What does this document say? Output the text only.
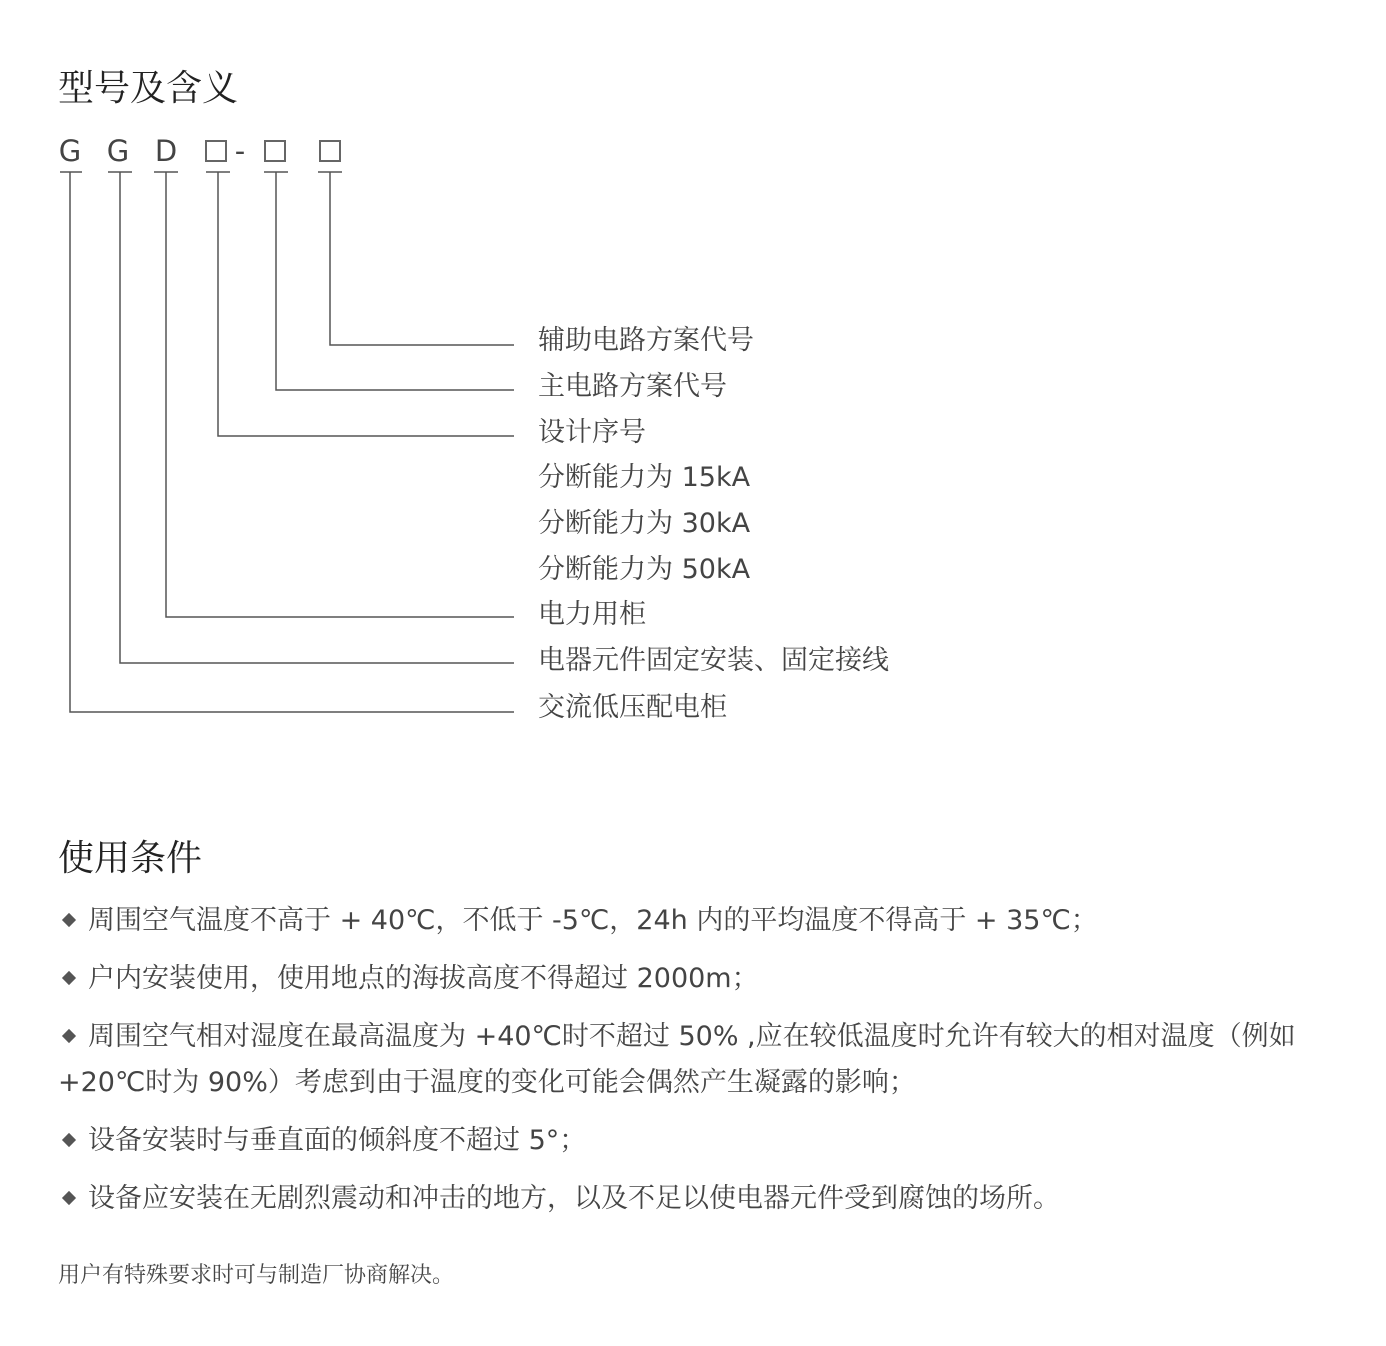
型号及含义
G G D -
辅助电路方案代号
主电路方案代号
设计序号
分断能力为 15kA
分断能力为 30kA
分断能力为 50kA
电力用柜
电器元件固定安装、固定接线
交流低压配电柜
使用条件
周围空气温度不高于 + 40℃，不低于 -5℃，24h 内的平均温度不得高于 + 35℃；
户内安装使用，使用地点的海拔高度不得超过 2000m；
周围空气相对湿度在最高温度为 +40℃时不超过 50% ,应在较低温度时允许有较大的相对温度（例如 +20℃时为 90%）考虑到由于温度的变化可能会偶然产生凝露的影响；
设备安装时与垂直面的倾斜度不超过 5°；
设备应安装在无剧烈震动和冲击的地方，以及不足以使电器元件受到腐蚀的场所。

用户有特殊要求时可与制造厂协商解决。
